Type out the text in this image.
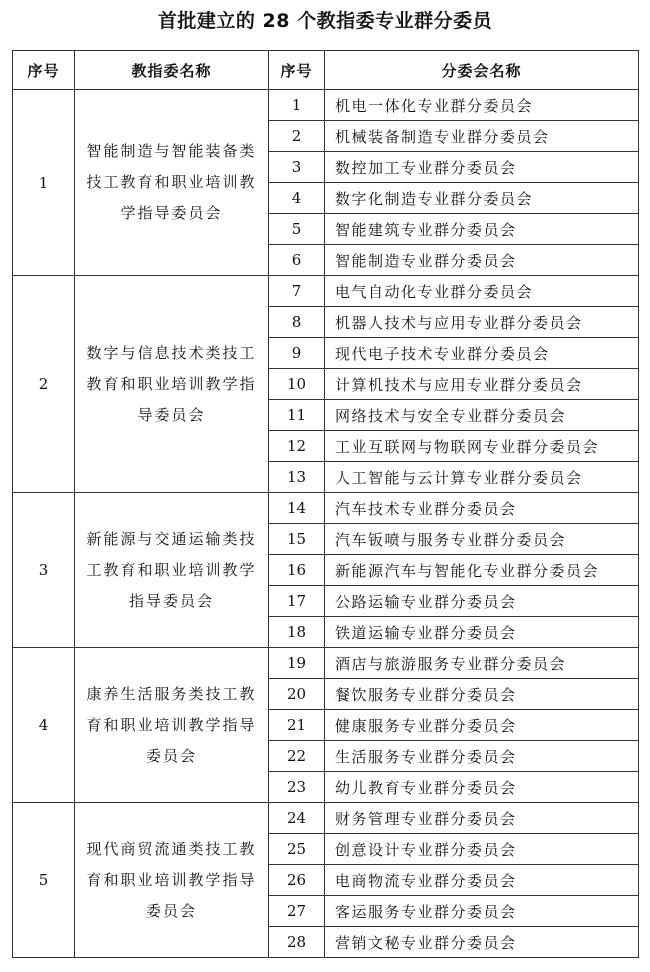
首批建立的 28 个教指委专业群分委员
序号	教指委名称	序号	分委会名称
1	智能制造与智能装备类技工教育和职业培训教学指导委员会	1	机电一体化专业群分委员会
		2	机械装备制造专业群分委员会
		3	数控加工专业群分委员会
		4	数字化制造专业群分委员会
		5	智能建筑专业群分委员会
		6	智能制造专业群分委员会
2	数字与信息技术类技工教育和职业培训教学指导委员会	7	电气自动化专业群分委员会
		8	机器人技术与应用专业群分委员会
		9	现代电子技术专业群分委员会
		10	计算机技术与应用专业群分委员会
		11	网络技术与安全专业群分委员会
		12	工业互联网与物联网专业群分委员会
		13	人工智能与云计算专业群分委员会
3	新能源与交通运输类技工教育和职业培训教学指导委员会	14	汽车技术专业群分委员会
		15	汽车钣喷与服务专业群分委员会
		16	新能源汽车与智能化专业群分委员会
		17	公路运输专业群分委员会
		18	铁道运输专业群分委员会
4	康养生活服务类技工教育和职业培训教学指导委员会	19	酒店与旅游服务专业群分委员会
		20	餐饮服务专业群分委员会
		21	健康服务专业群分委员会
		22	生活服务专业群分委员会
		23	幼儿教育专业群分委员会
5	现代商贸流通类技工教育和职业培训教学指导委员会	24	财务管理专业群分委员会
		25	创意设计专业群分委员会
		26	电商物流专业群分委员会
		27	客运服务专业群分委员会
		28	营销文秘专业群分委员会
